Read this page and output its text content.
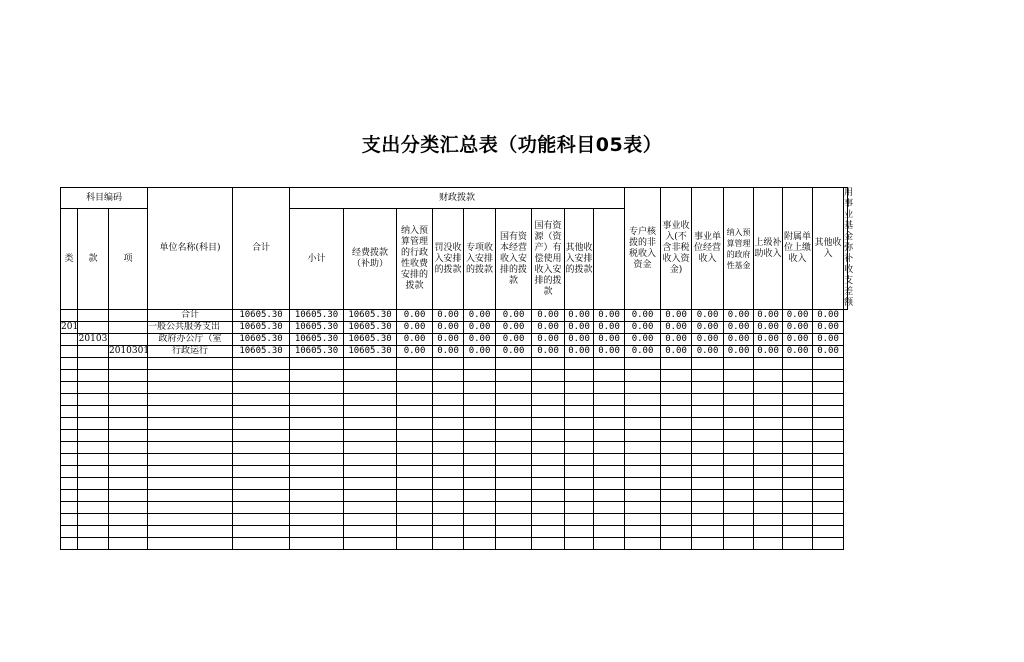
支出分类汇总表（功能科目05表）
科目编码			单位名称(科目)	合计	财政拨款									专户核拨的非税收入资金	事业收入(不含非税收入资金)	事业单位经营收入	纳入预算管理的政府性基金	上级补助收入	附属单位上缴收入	其他收入	用事业基金弥补收支差额
类	款	项			小计	经费拨款（补助）	纳入预算管理的行政性收费安排的拨款	罚没收入安排的拨款	专项收入安排的拨款	国有资本经营收入安排的拨款	国有资源（资产）有偿使用收入安排的拨款	其他收入安排的拨款									
			合计	10605.30	10605.30	10605.30	0.00	0.00	0.00	0.00	0.00	0.00	0.00	0.00	0.00	0.00	0.00	0.00	0.00	0.00	
201			一般公共服务支出	10605.30	10605.30	10605.30	0.00	0.00	0.00	0.00	0.00	0.00	0.00	0.00	0.00	0.00	0.00	0.00	0.00	0.00	
	20103		政府办公厅（室	10605.30	10605.30	10605.30	0.00	0.00	0.00	0.00	0.00	0.00	0.00	0.00	0.00	0.00	0.00	0.00	0.00	0.00	
		2010301	行政运行	10605.30	10605.30	10605.30	0.00	0.00	0.00	0.00	0.00	0.00	0.00	0.00	0.00	0.00	0.00	0.00	0.00	0.00	
